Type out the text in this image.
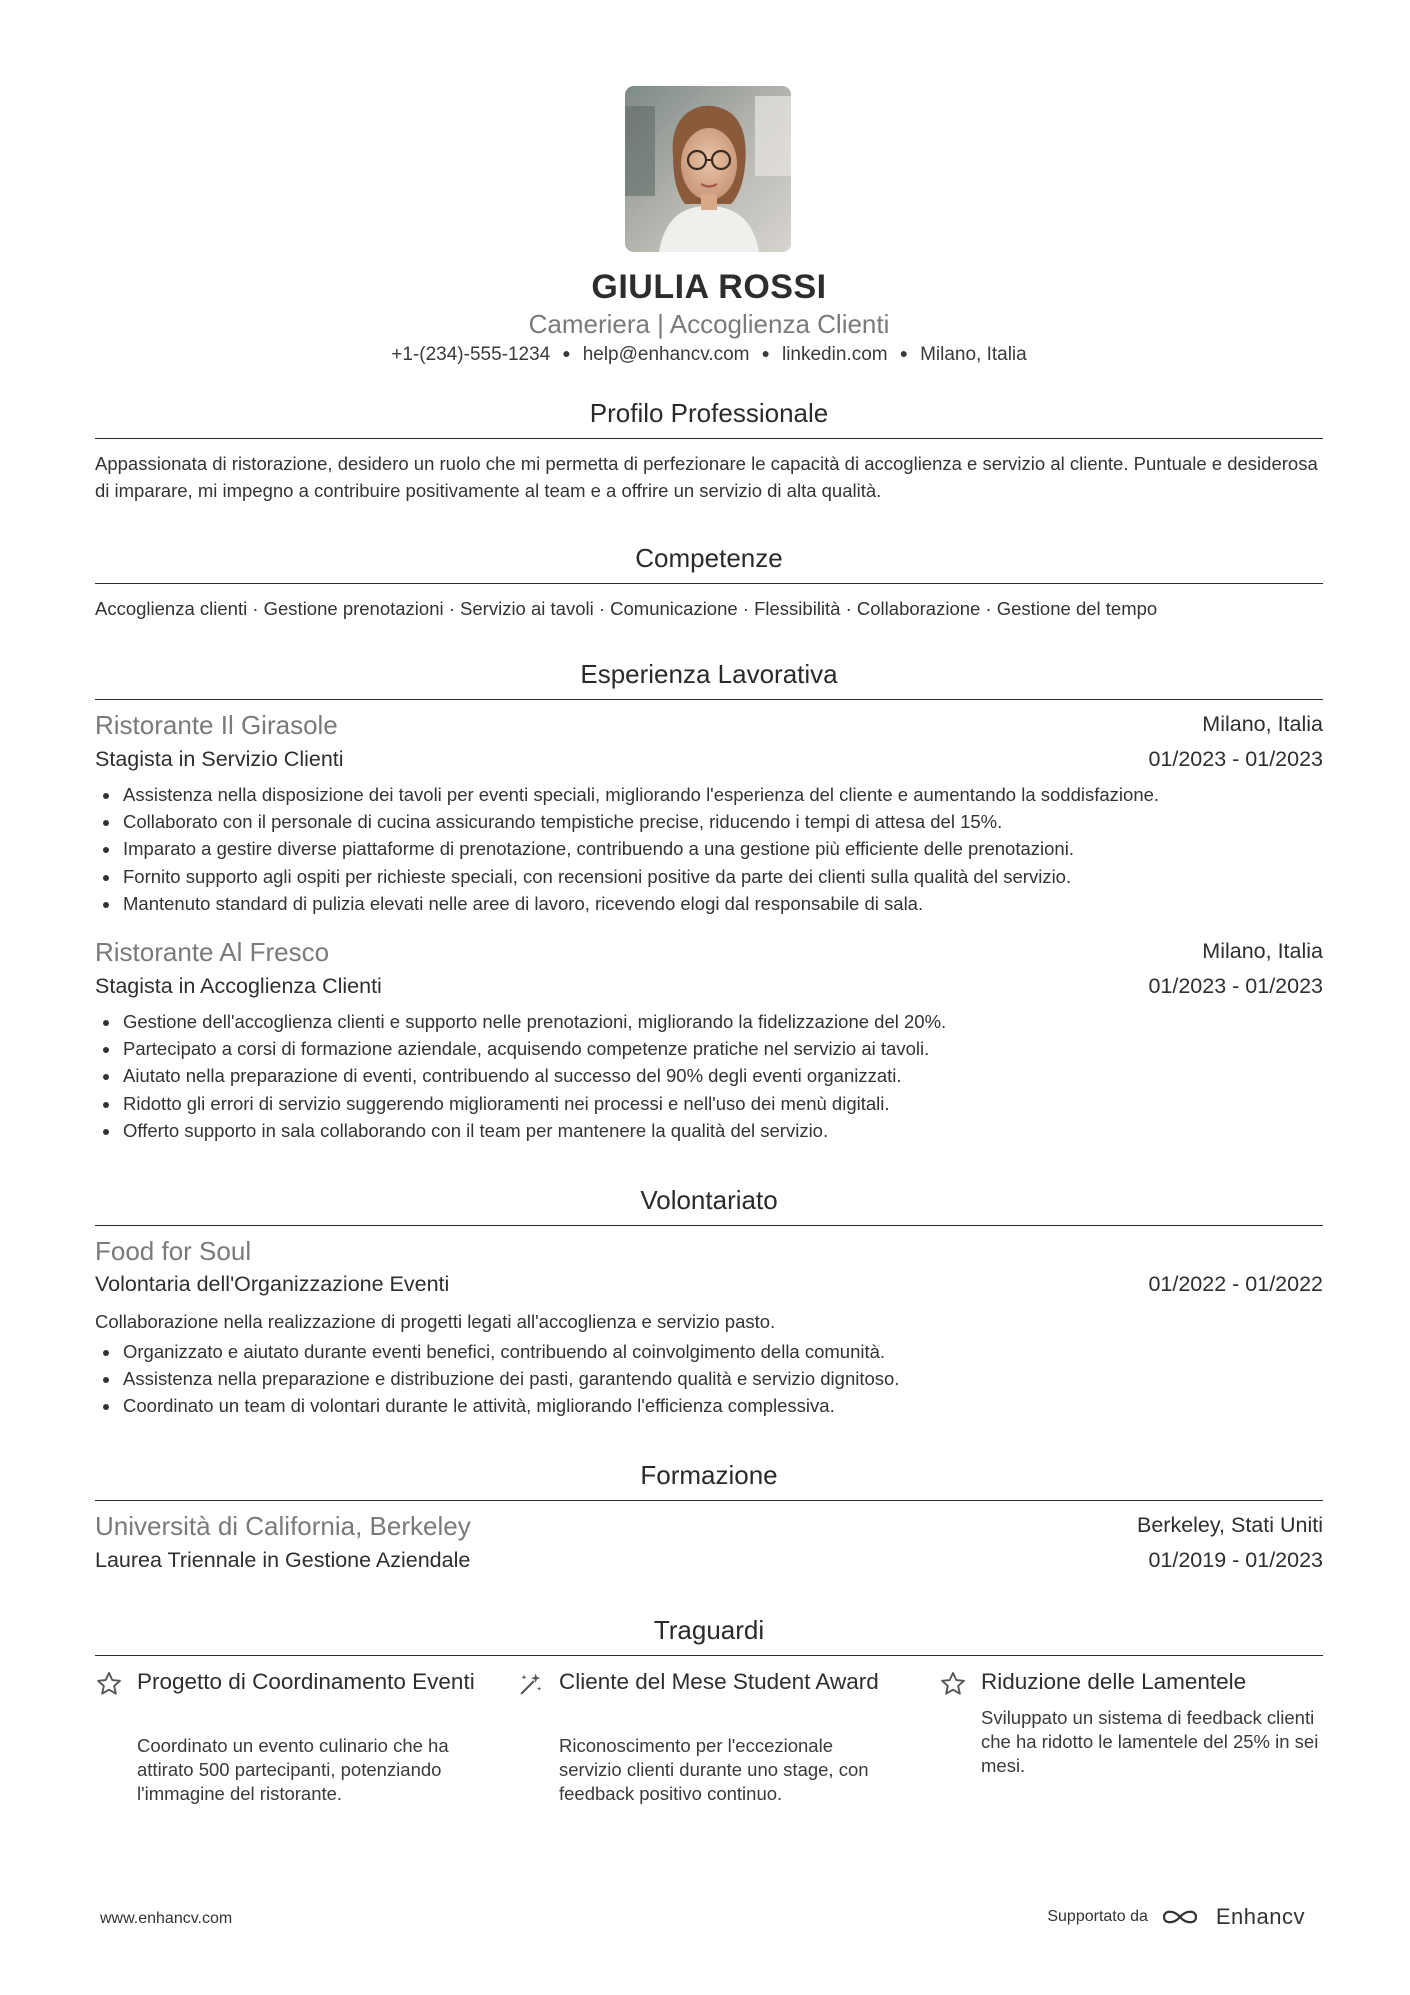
GIULIA ROSSI
Cameriera | Accoglienza Clienti
+1-(234)-555-1234 ● help@enhancv.com ● linkedin.com ● Milano, Italia
Profilo Professionale
Appassionata di ristorazione, desidero un ruolo che mi permetta di perfezionare le capacità di accoglienza e servizio al cliente. Puntuale e desiderosa di imparare, mi impegno a contribuire positivamente al team e a offrire un servizio di alta qualità.
Competenze
Accoglienza clienti · Gestione prenotazioni · Servizio ai tavoli · Comunicazione · Flessibilità · Collaborazione · Gestione del tempo
Esperienza Lavorativa
Ristorante Il Girasole	Milano, Italia
Stagista in Servizio Clienti	01/2023 - 01/2023
Assistenza nella disposizione dei tavoli per eventi speciali, migliorando l'esperienza del cliente e aumentando la soddisfazione.
Collaborato con il personale di cucina assicurando tempistiche precise, riducendo i tempi di attesa del 15%.
Imparato a gestire diverse piattaforme di prenotazione, contribuendo a una gestione più efficiente delle prenotazioni.
Fornito supporto agli ospiti per richieste speciali, con recensioni positive da parte dei clienti sulla qualità del servizio.
Mantenuto standard di pulizia elevati nelle aree di lavoro, ricevendo elogi dal responsabile di sala.
Ristorante Al Fresco	Milano, Italia
Stagista in Accoglienza Clienti	01/2023 - 01/2023
Gestione dell'accoglienza clienti e supporto nelle prenotazioni, migliorando la fidelizzazione del 20%.
Partecipato a corsi di formazione aziendale, acquisendo competenze pratiche nel servizio ai tavoli.
Aiutato nella preparazione di eventi, contribuendo al successo del 90% degli eventi organizzati.
Ridotto gli errori di servizio suggerendo miglioramenti nei processi e nell'uso dei menù digitali.
Offerto supporto in sala collaborando con il team per mantenere la qualità del servizio.
Volontariato
Food for Soul
Volontaria dell'Organizzazione Eventi	01/2022 - 01/2022
Collaborazione nella realizzazione di progetti legati all'accoglienza e servizio pasto.
Organizzato e aiutato durante eventi benefici, contribuendo al coinvolgimento della comunità.
Assistenza nella preparazione e distribuzione dei pasti, garantendo qualità e servizio dignitoso.
Coordinato un team di volontari durante le attività, migliorando l'efficienza complessiva.
Formazione
Università di California, Berkeley	Berkeley, Stati Uniti
Laurea Triennale in Gestione Aziendale	01/2019 - 01/2023
Traguardi
Progetto di Coordinamento Eventi
Coordinato un evento culinario che ha attirato 500 partecipanti, potenziando l'immagine del ristorante.
Cliente del Mese Student Award
Riconoscimento per l'eccezionale servizio clienti durante uno stage, con feedback positivo continuo.
Riduzione delle Lamentele
Sviluppato un sistema di feedback clienti che ha ridotto le lamentele del 25% in sei mesi.
www.enhancv.com	Supportato da	Enhancv
